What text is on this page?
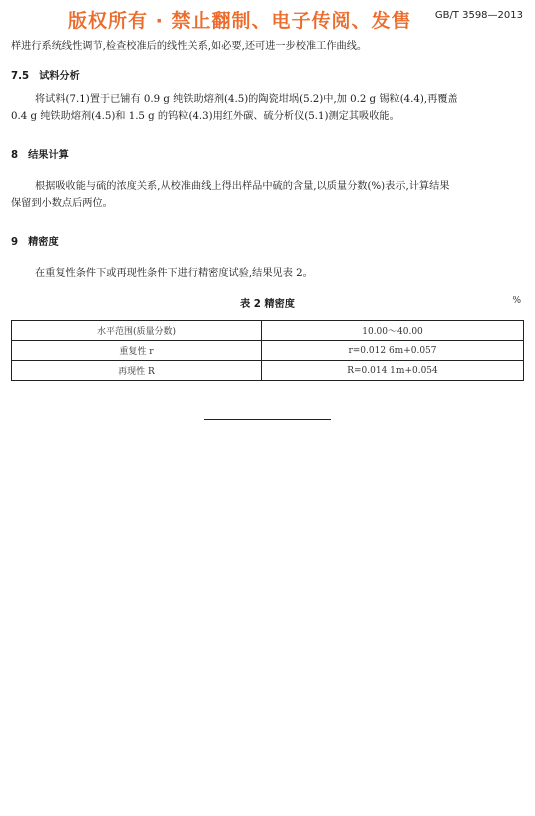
版权所有 · 禁止翻制、电子传阅、发售 GB/T 3598—2013
样进行系统线性调节,检查校准后的线性关系,如必要,还可进一步校准工作曲线。
7.5 试料分析
将试料(7.1)置于已铺有 0.9 g 纯铁助熔剂(4.5)的陶瓷坩埚(5.2)中,加 0.2 g 锡粒(4.4),再覆盖
0.4 g 纯铁助熔剂(4.5)和 1.5 g 的钨粒(4.3)用红外碳、硫分析仪(5.1)测定其吸收能。
8 结果计算
根据吸收能与硫的浓度关系,从校准曲线上得出样品中硫的含量,以质量分数(%)表示,计算结果
保留到小数点后两位。
9 精密度
在重复性条件下或再现性条件下进行精密度试验,结果见表 2。
表 2 精密度	%
水平范围(质量分数)	10.00～40.00
重复性 r	r=0.012 6m+0.057
再现性 R	R=0.014 1m+0.054
